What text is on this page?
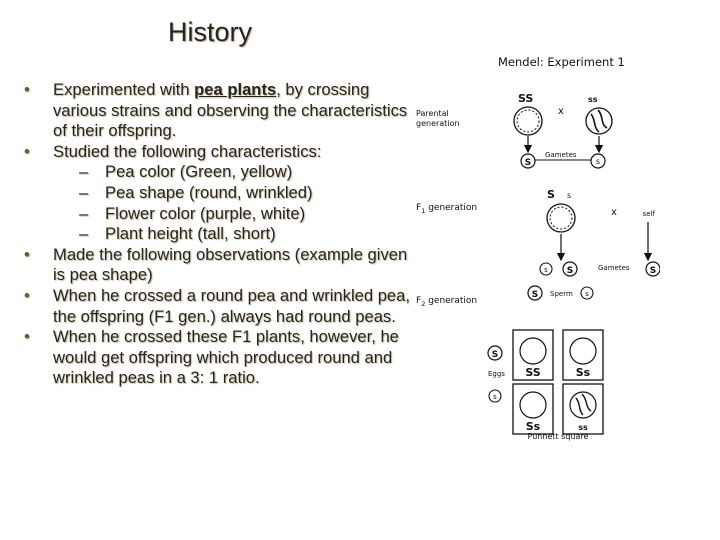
History
• Experimented with pea plants, by crossing various strains and observing the characteristics of their offspring.
• Studied the following characteristics:
– Pea color (Green, yellow)
– Pea shape (round, wrinkled)
– Flower color (purple, white)
– Plant height (tall, short)
• Made the following observations (example given is pea shape)
• When he crossed a round pea and wrinkled pea, the offspring (F1 gen.) always had round peas.
• When he crossed these F1 plants, however, he would get offspring which produced round and wrinkled peas in a 3: 1 ratio.
Mendel: Experiment 1
Parental
generation
$F_1$ generation
$F_2$ generation
SS
x
ss
S
Gametes
s
S s
x	self
s S	Gametes S
S Sperm s
S
Eggs
s
SS	Ss
Ss	ss
Punnett square
